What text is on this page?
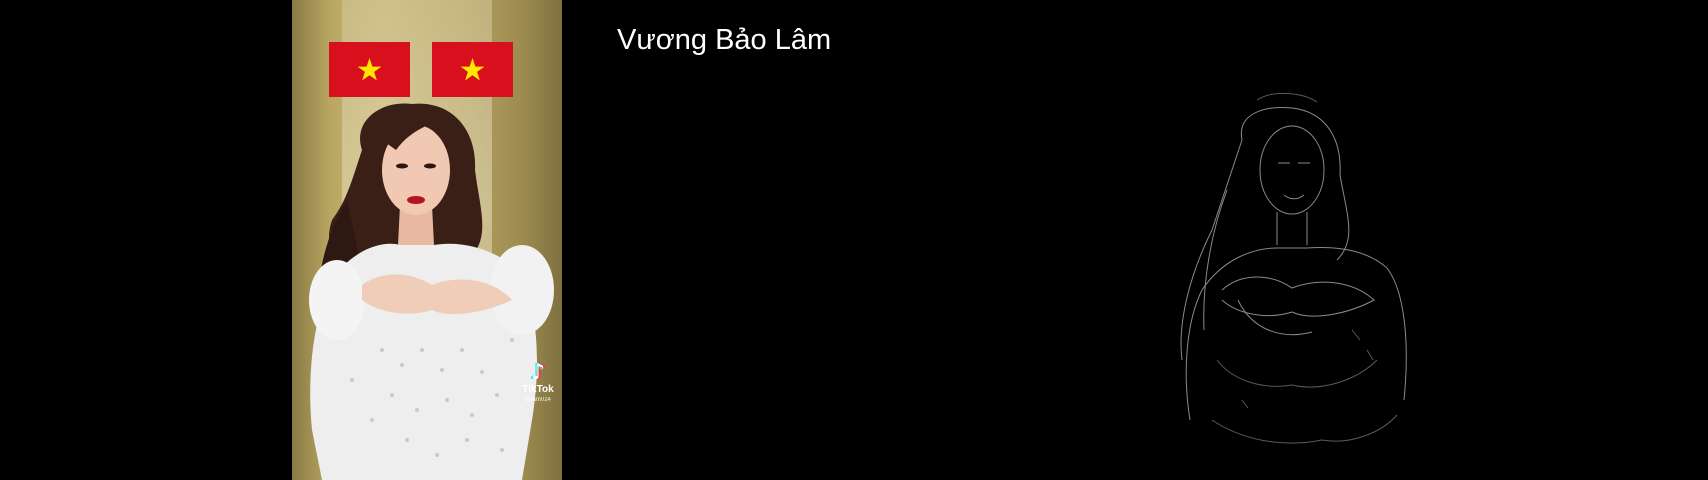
♪
TikTok
@lam024
Vương Bảo Lâm
